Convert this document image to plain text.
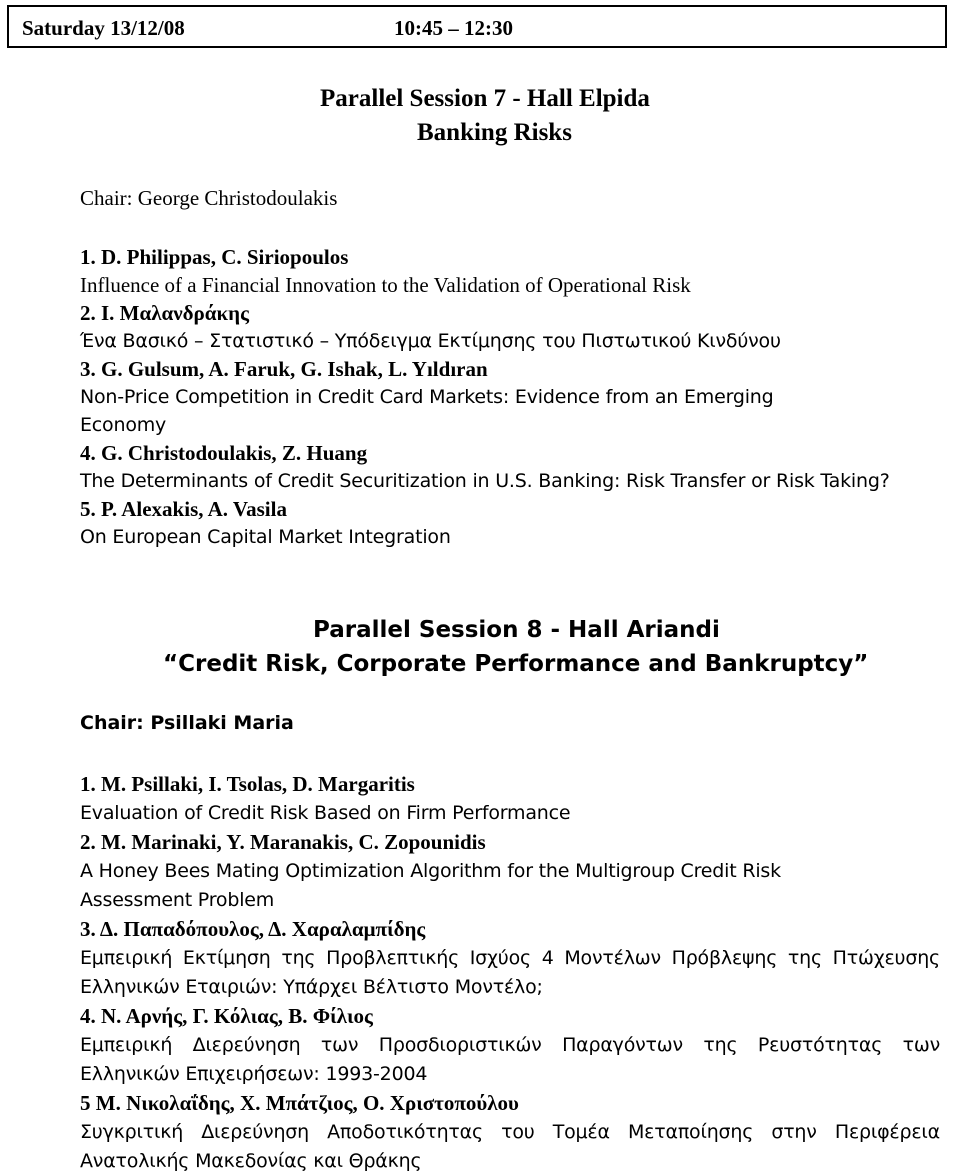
Saturday 13/12/08	10:45 – 12:30
Parallel Session 7 - Hall Elpida
Banking Risks
Chair: George Christodoulakis
1. D. Philippas, C. Siriopoulos
Influence of a Financial Innovation to the Validation of Operational Risk
2. I. Μαλανδράκης
Ένα Βασικό – Στατιστικό – Υπόδειγμα Εκτίμησης του Πιστωτικού Κινδύνου
3. G. Gulsum, A. Faruk, G. Ishak, L. Yıldıran
Non-Price Competition in Credit Card Markets: Evidence from an Emerging Economy
4. G. Christodoulakis, Z. Huang
The Determinants of Credit Securitization in U.S. Banking: Risk Transfer or Risk Taking?
5. P. Alexakis, A. Vasila
On European Capital Market Integration
Parallel Session 8 - Hall Ariandi
“Credit Risk, Corporate Performance and Bankruptcy”
Chair: Psillaki Maria
1. M. Psillaki, I. Tsolas, D. Margaritis
Evaluation of Credit Risk Based on Firm Performance
2. M. Marinaki, Y. Maranakis, C. Zopounidis
A Honey Bees Mating Optimization Algorithm for the Multigroup Credit Risk Assessment Problem
3. Δ. Παπαδόπουλος, Δ. Χαραλαμπίδης
Εμπειρική Εκτίμηση της Προβλεπτικής Ισχύος 4 Μοντέλων Πρόβλεψης της Πτώχευσης Ελληνικών Εταιριών: Υπάρχει Βέλτιστο Μοντέλο;
4. Ν. Αρνής, Γ. Κόλιας, Β. Φίλιος
Εμπειρική Διερεύνηση των Προσδιοριστικών Παραγόντων της Ρευστότητας των Ελληνικών Επιχειρήσεων: 1993-2004
5 Μ. Νικολαΐδης, Χ. Μπάτζιος, Ο. Χριστοπούλου
Συγκριτική Διερεύνηση Αποδοτικότητας του Τομέα Μεταποίησης στην Περιφέρεια Ανατολικής Μακεδονίας και Θράκης
